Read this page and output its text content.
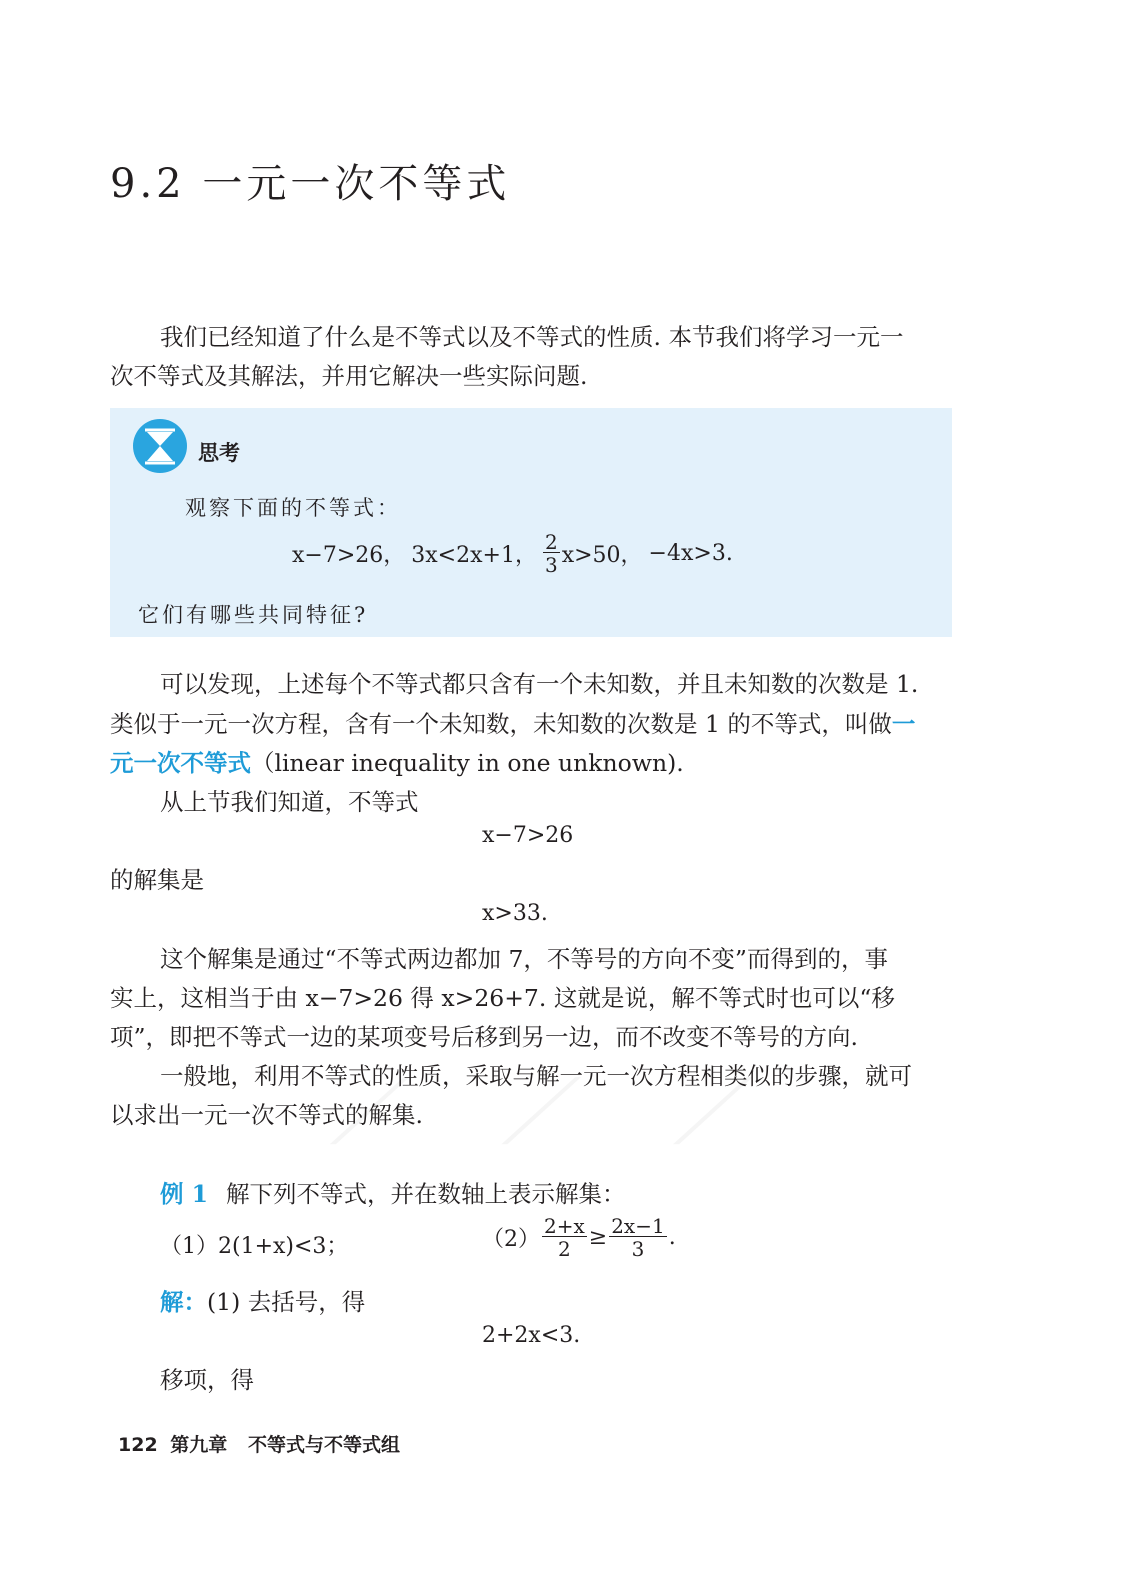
9.2 一元一次不等式
我们已经知道了什么是不等式以及不等式的性质. 本节我们将学习一元一
次不等式及其解法，并用它解决一些实际问题.
思考
观察下面的不等式：
x−7>26， 3x<2x+1， $\frac{2}{3} x>50$， −4x>3.
它们有哪些共同特征?
可以发现，上述每个不等式都只含有一个未知数，并且未知数的次数是 1.
类似于一元一次方程，含有一个未知数，未知数的次数是 1 的不等式，叫做一
元一次不等式（linear inequality in one unknown).
从上节我们知道，不等式
x−7>26
的解集是
x>33.
这个解集是通过“不等式两边都加 7，不等号的方向不变”而得到的，事
实上，这相当于由 x−7>26 得 x>26+7. 这就是说，解不等式时也可以“移
项”，即把不等式一边的某项变号后移到另一边，而不改变不等号的方向.
一般地，利用不等式的性质，采取与解一元一次方程相类似的步骤，就可
以求出一元一次不等式的解集.
例 1 解下列不等式，并在数轴上表示解集：
（1）2(1+x)<3；	$(2) \frac{2+x}{2} \ge \frac{2x-1}{3}$ .
解：(1) 去括号，得
2+2x<3.
移项，得
122 第九章 不等式与不等式组
